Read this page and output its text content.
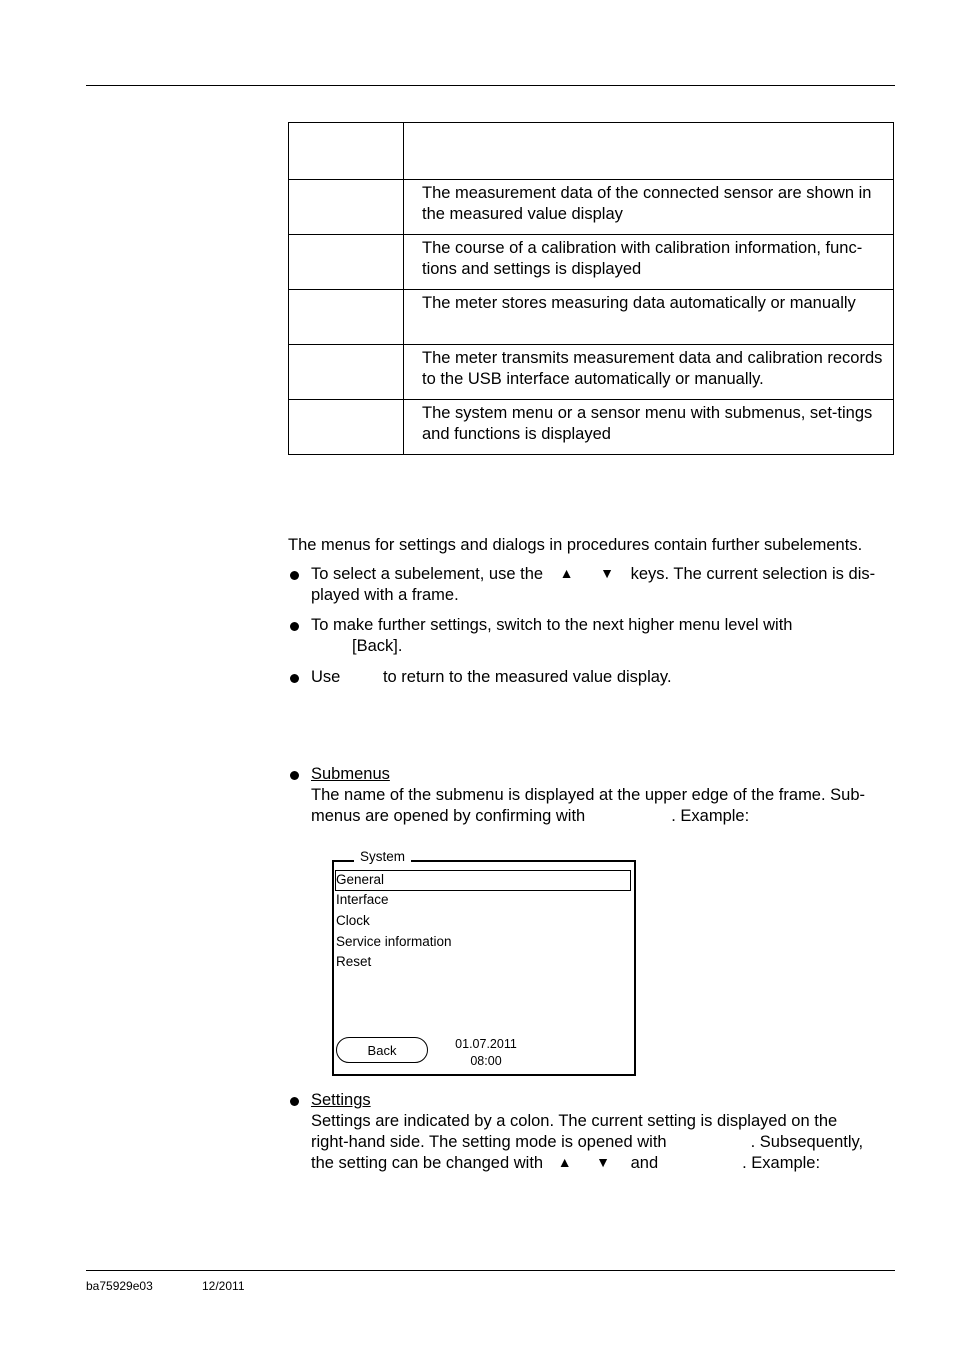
	The measurement data of the connected sensor are shown in the measured value display
	The course of a calibration with calibration information, func-tions and settings is displayed
	The meter stores measuring data automatically or manually
	The meter transmits measurement data and calibration records to the USB interface automatically or manually.
	The system menu or a sensor menu with submenus, set-tings and functions is displayed
The menus for settings and dialogs in procedures contain further subelements.
To select a subelement, use the ▲ ▼ keys. The current selection is dis-played with a frame.
To make further settings, switch to the next higher menu level with
[Back].
Use	to return to the measured value display.
Submenus
The name of the submenu is displayed at the upper edge of the frame. Sub-menus are opened by confirming with	. Example:
System
General
Interface
Clock
Service information
Reset
Back	01.07.2011
08:00
Settings
Settings are indicated by a colon. The current setting is displayed on the
right-hand side. The setting mode is opened with	. Subsequently,
the setting can be changed with ▲ ▼ and	. Example:
ba75929e03	12/2011
